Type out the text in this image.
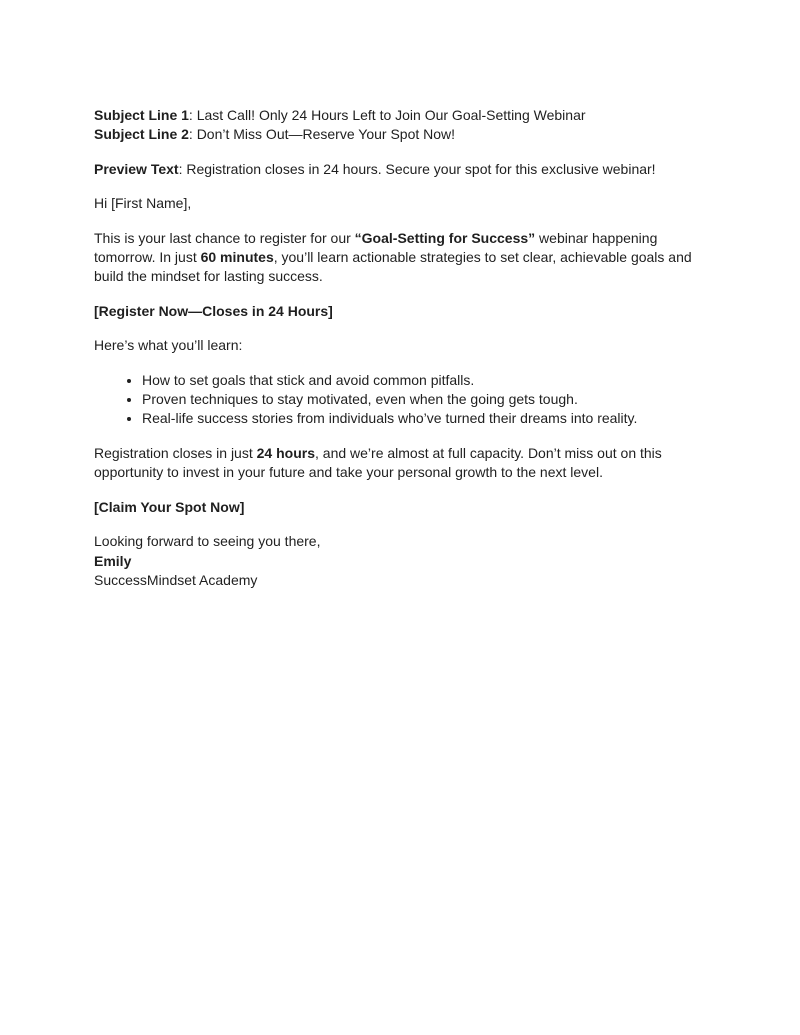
Subject Line 1: Last Call! Only 24 Hours Left to Join Our Goal-Setting Webinar
Subject Line 2: Don’t Miss Out—Reserve Your Spot Now!

Preview Text: Registration closes in 24 hours. Secure your spot for this exclusive webinar!

Hi [First Name],

This is your last chance to register for our “Goal-Setting for Success” webinar happening tomorrow. In just 60 minutes, you’ll learn actionable strategies to set clear, achievable goals and build the mindset for lasting success.

[Register Now—Closes in 24 Hours]

Here’s what you’ll learn:

• How to set goals that stick and avoid common pitfalls.
• Proven techniques to stay motivated, even when the going gets tough.
• Real-life success stories from individuals who’ve turned their dreams into reality.

Registration closes in just 24 hours, and we’re almost at full capacity. Don’t miss out on this opportunity to invest in your future and take your personal growth to the next level.

[Claim Your Spot Now]

Looking forward to seeing you there,
Emily
SuccessMindset Academy
